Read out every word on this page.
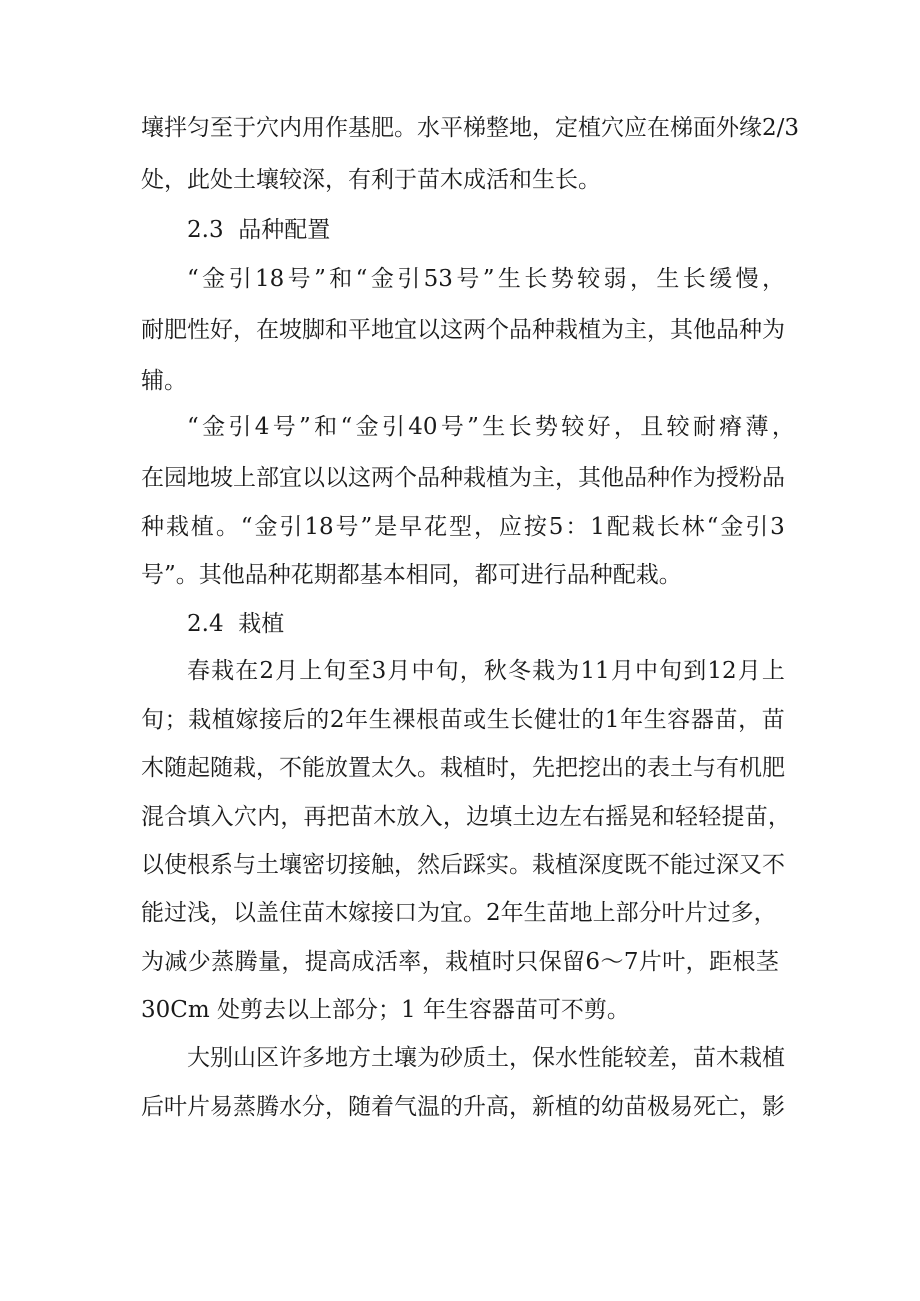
壤 拌 匀 至 于 穴 内 用 作 基 肥 。 水 平 梯 整 地 ， 定 植 穴 应 在 梯 面 外 缘 2/3
处，此处土壤较深，有利于苗木成活和生长。
2.3  品种配置
“ 金 引 18 号 ” 和 “ 金 引 53 号 ” 生 长 势 较 弱 ， 生 长 缓 慢 ，
耐 肥 性 好 ， 在 坡 脚 和 平 地 宜 以 这 两 个 品 种 栽 植 为 主 ， 其 他 品 种 为
辅。
“ 金 引 4 号 ” 和 “ 金 引 40 号 ” 生 长 势 较 好 ， 且 较 耐 瘠 薄 ，
在 园 地 坡 上 部 宜 以 以 这 两 个 品 种 栽 植 为 主 ， 其 他 品 种 作 为 授 粉 品
种 栽 植 。 “ 金 引 18 号 ” 是 早 花 型 ， 应 按 5 ： 1 配 栽 长 林 “ 金 引 3
号”。其他品种花期都基本相同，都可进行品种配栽。
2.4  栽植
春 栽 在 2 月 上 旬 至 3 月 中 旬 ， 秋 冬 栽 为 11 月 中 旬 到 12 月 上
旬 ； 栽 植 嫁 接 后 的 2 年 生 裸 根 苗 或 生 长 健 壮 的 1 年 生 容 器 苗 ， 苗
木 随 起 随 栽 ， 不 能 放 置 太 久 。 栽 植 时 ， 先 把 挖 出 的 表 土 与 有 机 肥
混 合 填 入 穴 内 ， 再 把 苗 木 放 入 ， 边 填 土 边 左 右 摇 晃 和 轻 轻 提 苗 ，
以 使 根 系 与 土 壤 密 切 接 触 ， 然 后 踩 实 。 栽 植 深 度 既 不 能 过 深 又 不
能 过 浅 ， 以 盖 住 苗 木 嫁 接 口 为 宜 。 2 年 生 苗 地 上 部 分 叶 片 过 多 ，
为 减 少 蒸 腾 量 ， 提 高 成 活 率 ， 栽 植 时 只 保 留 6 ～ 7 片 叶 ， 距 根 茎
30Cm 处剪去以上部分；1 年生容器苗可不剪。
大 别 山 区 许 多 地 方 土 壤 为 砂 质 土 ， 保 水 性 能 较 差 ， 苗 木 栽 植
后 叶 片 易 蒸 腾 水 分 ， 随 着 气 温 的 升 高 ， 新 植 的 幼 苗 极 易 死 亡 ， 影
